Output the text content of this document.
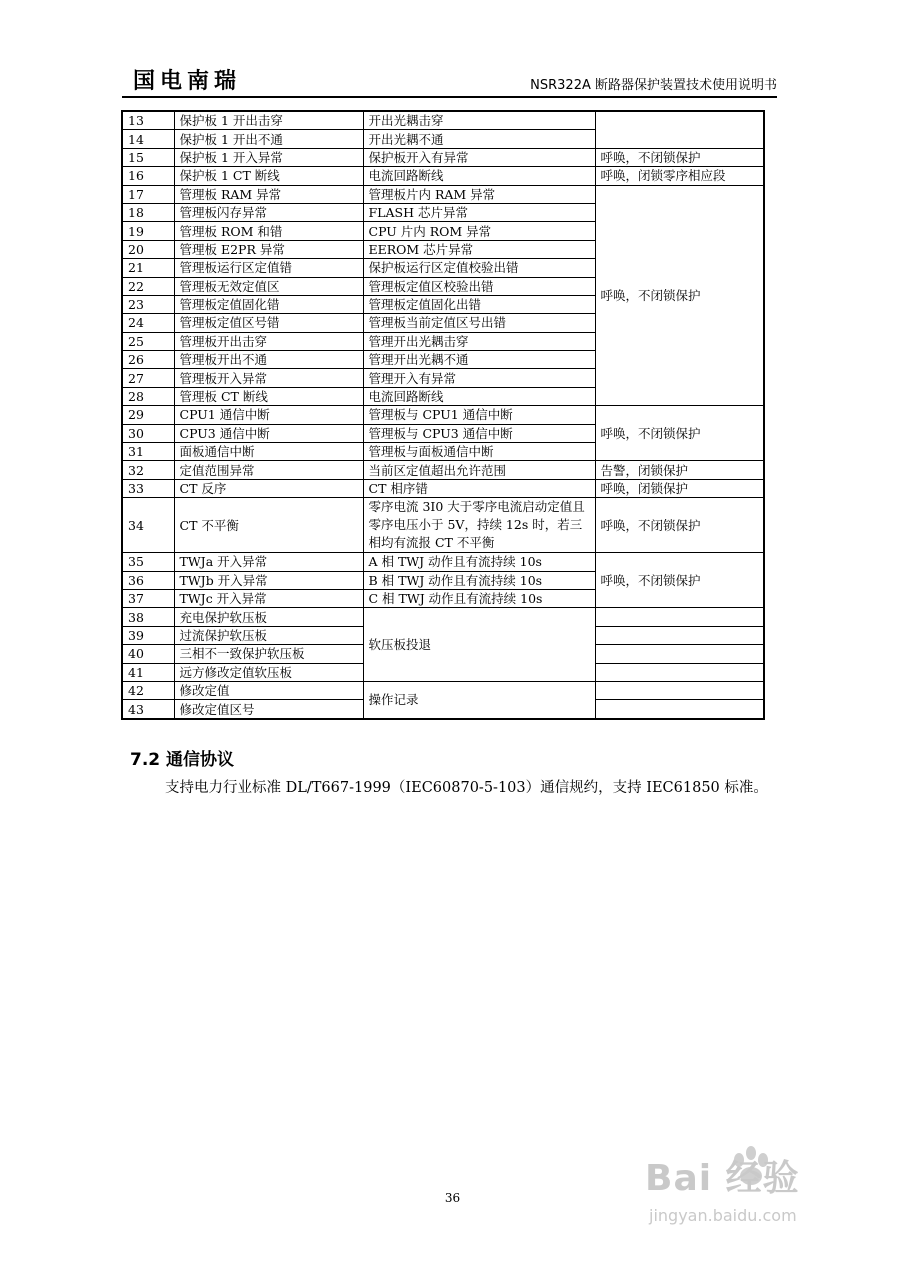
国电南瑞	NSR322A 断路器保护装置技术使用说明书
13	保护板 1 开出击穿	开出光耦击穿	
14	保护板 1 开出不通	开出光耦不通	
15	保护板 1 开入异常	保护板开入有异常	呼唤，不闭锁保护
16	保护板 1 CT 断线	电流回路断线	呼唤，闭锁零序相应段
17	管理板 RAM 异常	管理板片内 RAM 异常	呼唤，不闭锁保护
18	管理板闪存异常	FLASH 芯片异常	
19	管理板 ROM 和错	CPU 片内 ROM 异常	
20	管理板 E2PR 异常	EEROM 芯片异常	
21	管理板运行区定值错	保护板运行区定值校验出错	
22	管理板无效定值区	管理板定值区校验出错	
23	管理板定值固化错	管理板定值固化出错	
24	管理板定值区号错	管理板当前定值区号出错	
25	管理板开出击穿	管理开出光耦击穿	
26	管理板开出不通	管理开出光耦不通	
27	管理板开入异常	管理开入有异常	
28	管理板 CT 断线	电流回路断线	
29	CPU1 通信中断	管理板与 CPU1 通信中断	呼唤，不闭锁保护
30	CPU3 通信中断	管理板与 CPU3 通信中断	
31	面板通信中断	管理板与面板通信中断	
32	定值范围异常	当前区定值超出允许范围	告警，闭锁保护
33	CT 反序	CT 相序错	呼唤，闭锁保护
34	CT 不平衡	零序电流 3I0 大于零序电流启动定值且零序电压小于 5V，持续 12s 时，若三相均有流报 CT 不平衡	呼唤，不闭锁保护
35	TWJa 开入异常	A 相 TWJ 动作且有流持续 10s	呼唤，不闭锁保护
36	TWJb 开入异常	B 相 TWJ 动作且有流持续 10s	
37	TWJc 开入异常	C 相 TWJ 动作且有流持续 10s	
38	充电保护软压板	软压板投退	
39	过流保护软压板		
40	三相不一致保护软压板		
41	远方修改定值软压板		
42	修改定值	操作记录	
43	修改定值区号		
7.2 通信协议
支持电力行业标准 DL/T667-1999（IEC60870-5-103）通信规约，支持 IEC61850 标准。
36	Bai 经验
jingyan.baidu.com
